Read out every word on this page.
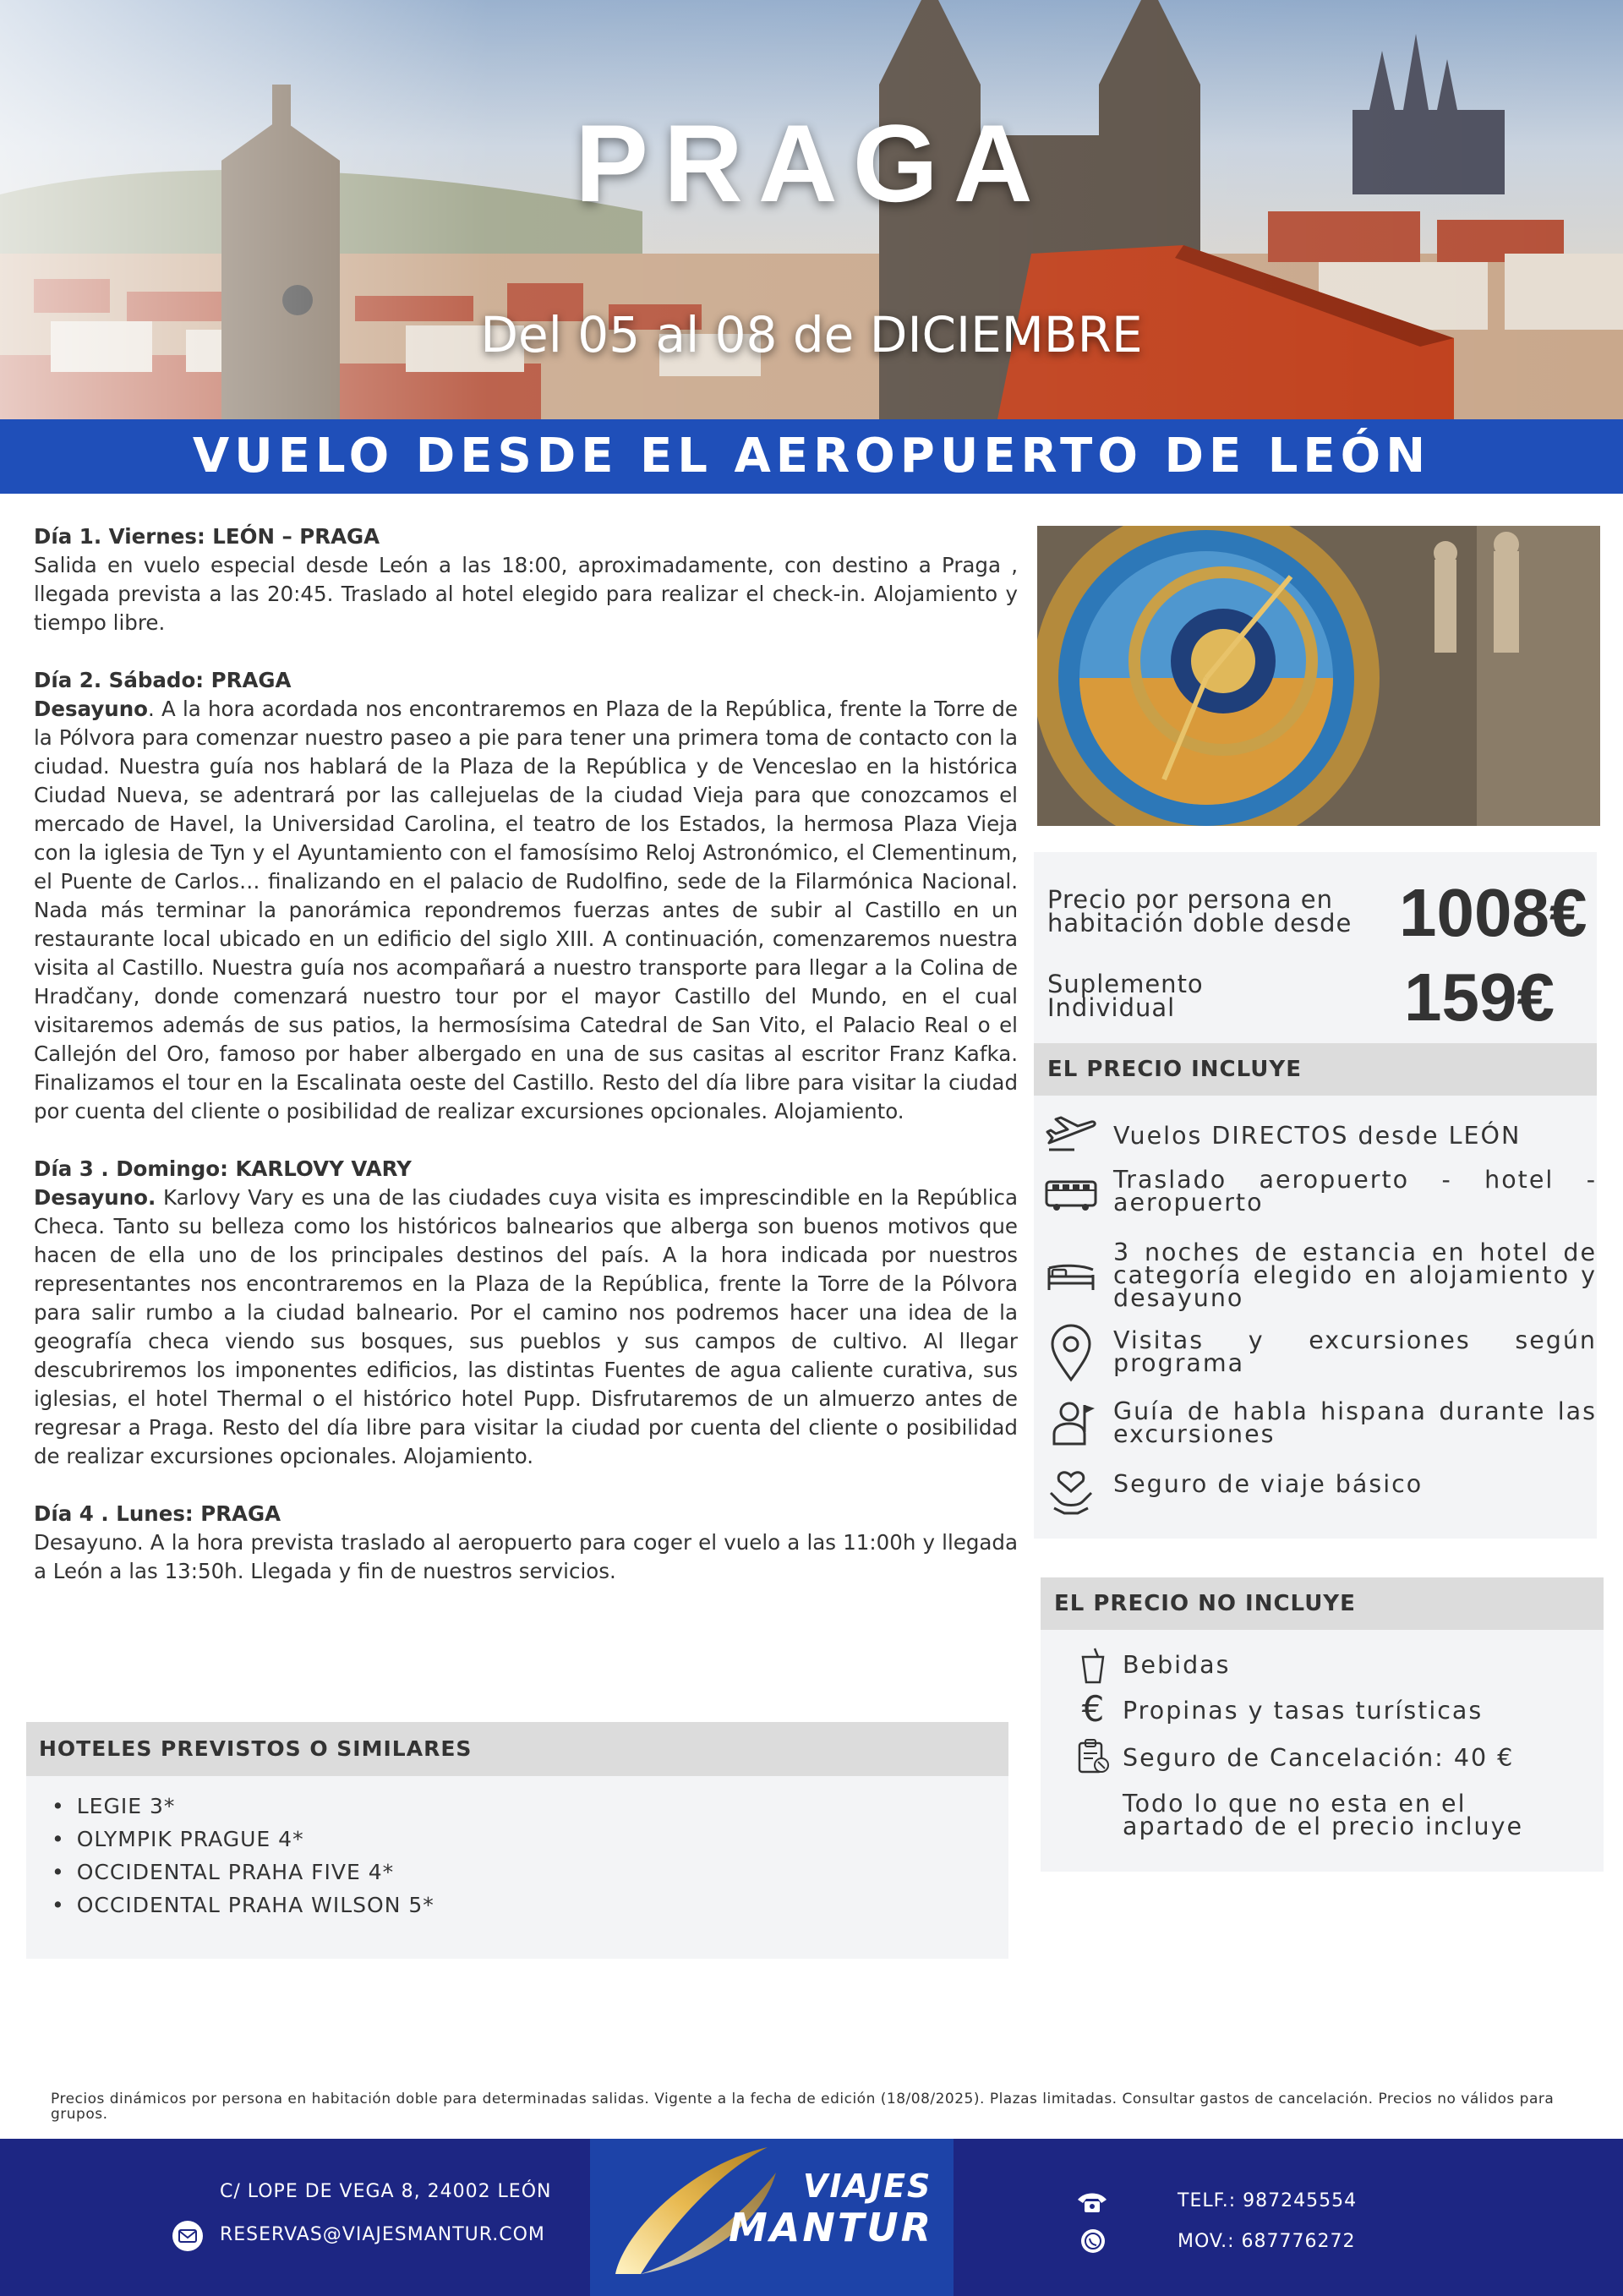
PRAGA
Del 05 al 08 de DICIEMBRE
VUELO DESDE EL AEROPUERTO DE LEÓN
Día 1. Viernes: LEÓN – PRAGA
Salida en vuelo especial desde León a las 18:00, aproximadamente, con destino a Praga , llegada prevista a las 20:45. Traslado al hotel elegido para realizar el check-in. Alojamiento y tiempo libre.
Día 2. Sábado: PRAGA
Desayuno. A la hora acordada nos encontraremos en Plaza de la República, frente la Torre de la Pólvora para comenzar nuestro paseo a pie para tener una primera toma de contacto con la ciudad. Nuestra guía nos hablará de la Plaza de la República y de Venceslao en la histórica Ciudad Nueva, se adentrará por las callejuelas de la ciudad Vieja para que conozcamos el mercado de Havel, la Universidad Carolina, el teatro de los Estados, la hermosa Plaza Vieja con la iglesia de Tyn y el Ayuntamiento con el famosísimo Reloj Astronómico, el Clementinum, el Puente de Carlos… finalizando en el palacio de Rudolfino, sede de la Filarmónica Nacional. Nada más terminar la panorámica repondremos fuerzas antes de subir al Castillo en un restaurante local ubicado en un edificio del siglo XIII. A continuación, comenzaremos nuestra visita al Castillo. Nuestra guía nos acompañará a nuestro transporte para llegar a la Colina de Hradčany, donde comenzará nuestro tour por el mayor Castillo del Mundo, en el cual visitaremos además de sus patios, la hermosísima Catedral de San Vito, el Palacio Real o el Callejón del Oro, famoso por haber albergado en una de sus casitas al escritor Franz Kafka. Finalizamos el tour en la Escalinata oeste del Castillo. Resto del día libre para visitar la ciudad por cuenta del cliente o posibilidad de realizar excursiones opcionales. Alojamiento.
Día 3 . Domingo: KARLOVY VARY
Desayuno. Karlovy Vary es una de las ciudades cuya visita es imprescindible en la República Checa. Tanto su belleza como los históricos balnearios que alberga son buenos motivos que hacen de ella uno de los principales destinos del país. A la hora indicada por nuestros representantes nos encontraremos en la Plaza de la República, frente la Torre de la Pólvora para salir rumbo a la ciudad balneario. Por el camino nos podremos hacer una idea de la geografía checa viendo sus bosques, sus pueblos y sus campos de cultivo. Al llegar descubriremos los imponentes edificios, las distintas Fuentes de agua caliente curativa, sus iglesias, el hotel Thermal o el histórico hotel Pupp. Disfrutaremos de un almuerzo antes de regresar a Praga. Resto del día libre para visitar la ciudad por cuenta del cliente o posibilidad de realizar excursiones opcionales. Alojamiento.
Día 4 . Lunes: PRAGA
Desayuno. A la hora prevista traslado al aeropuerto para coger el vuelo a las 11:00h y llegada a León a las 13:50h. Llegada y fin de nuestros servicios.
HOTELES PREVISTOS O SIMILARES
• LEGIE 3*
• OLYMPIK PRAGUE 4*
• OCCIDENTAL PRAHA FIVE 4*
• OCCIDENTAL PRAHA WILSON 5*
Precio por persona en habitación doble desde 1008€
Suplemento Individual	159€
EL PRECIO INCLUYE
Vuelos DIRECTOS desde LEÓN
Traslado aeropuerto - hotel - aeropuerto
3 noches de estancia en hotel de categoría elegido en alojamiento y desayuno
Visitas y excursiones según programa
Guía de habla hispana durante las excursiones
Seguro de viaje básico
EL PRECIO NO INCLUYE
Bebidas
€ Propinas y tasas turísticas
Seguro de Cancelación: 40 €
Todo lo que no esta en el apartado de el precio incluye
Precios dinámicos por persona en habitación doble para determinadas salidas. Vigente a la fecha de edición (18/08/2025). Plazas limitadas. Consultar gastos de cancelación. Precios no válidos para grupos.
VIAJES
MANTUR
C/ LOPE DE VEGA 8, 24002 LEÓN
RESERVAS@VIAJESMANTUR.COM
TELF.: 987245554
MOV.: 687776272
